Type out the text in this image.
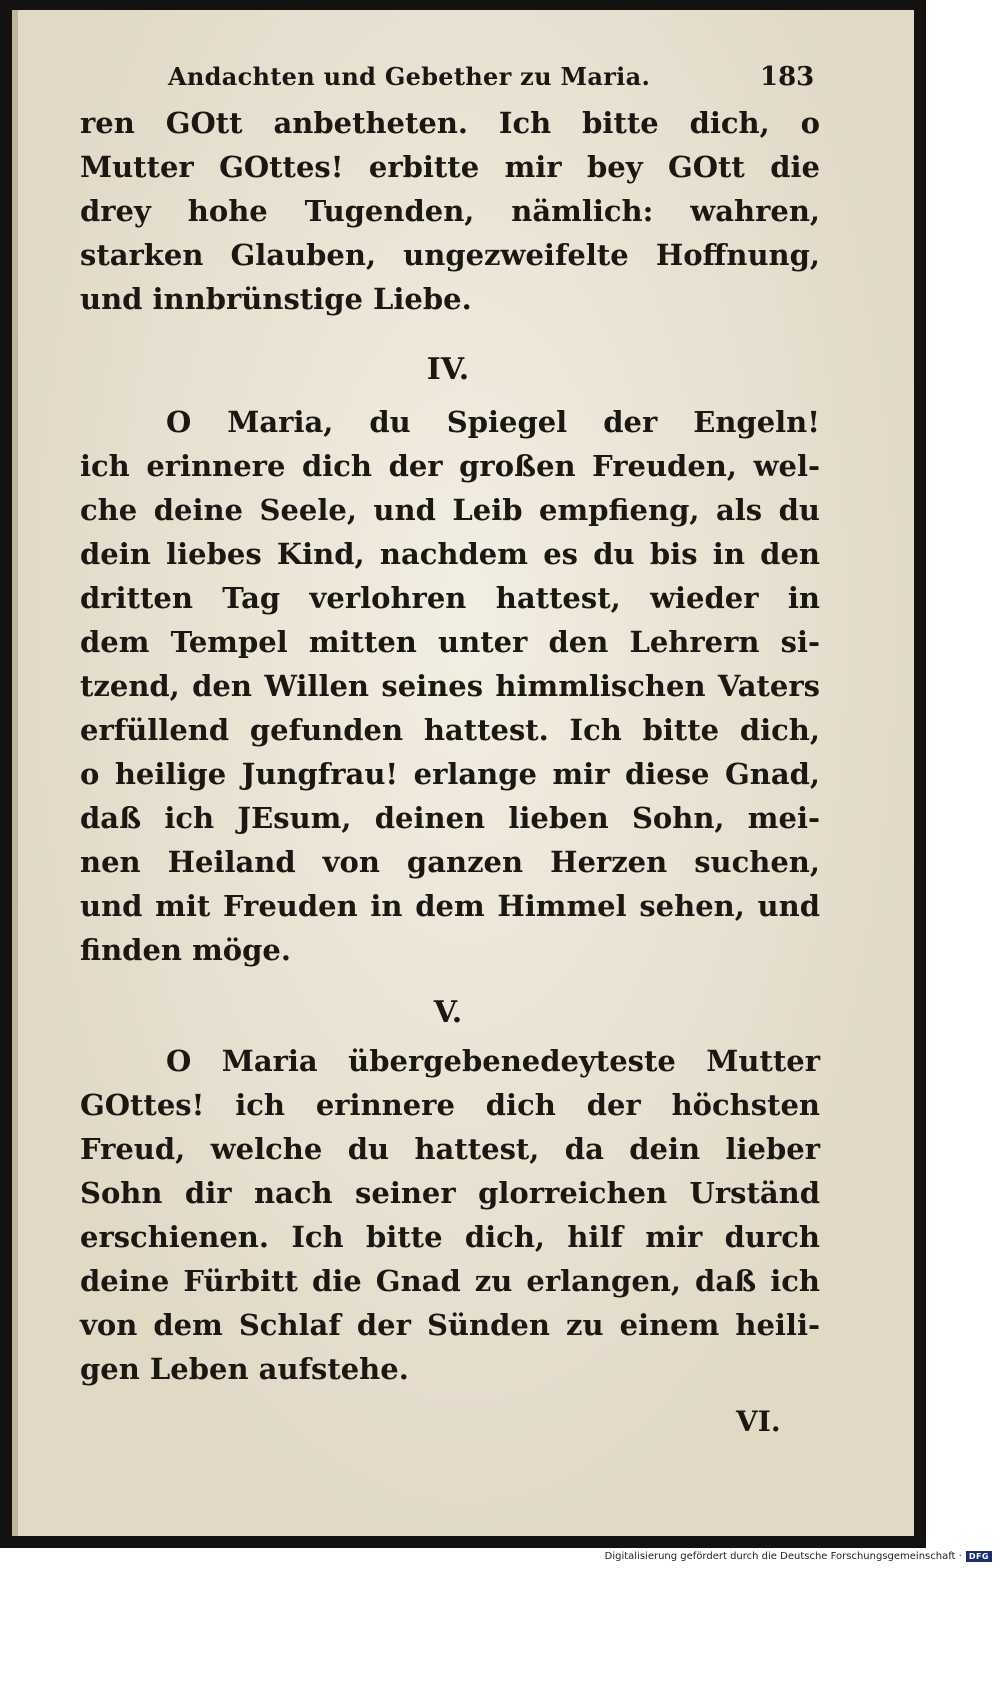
Andachten und Gebether zu Maria.	183
ren GOtt anbetheten. Ich bitte dich, o
Mutter GOttes! erbitte mir bey GOtt die
drey hohe Tugenden, nämlich: wahren,
starken Glauben, ungezweifelte Hoffnung,
und innbrünstige Liebe.
IV.
O Maria, du Spiegel der Engeln!
ich erinnere dich der großen Freuden, wel-
che deine Seele, und Leib empfieng, als du
dein liebes Kind, nachdem es du bis in den
dritten Tag verlohren hattest, wieder in
dem Tempel mitten unter den Lehrern si-
tzend, den Willen seines himmlischen Vaters
erfüllend gefunden hattest. Ich bitte dich,
o heilige Jungfrau! erlange mir diese Gnad,
daß ich JEsum, deinen lieben Sohn, mei-
nen Heiland von ganzen Herzen suchen,
und mit Freuden in dem Himmel sehen, und
finden möge.
V.
O Maria übergebenedeyteste Mutter
GOttes! ich erinnere dich der höchsten
Freud, welche du hattest, da dein lieber
Sohn dir nach seiner glorreichen Urständ
erschienen. Ich bitte dich, hilf mir durch
deine Fürbitt die Gnad zu erlangen, daß ich
von dem Schlaf der Sünden zu einem heili-
gen Leben aufstehe.
VI.
Digitalisierung gefördert durch die Deutsche Forschungsgemeinschaft · DFG
